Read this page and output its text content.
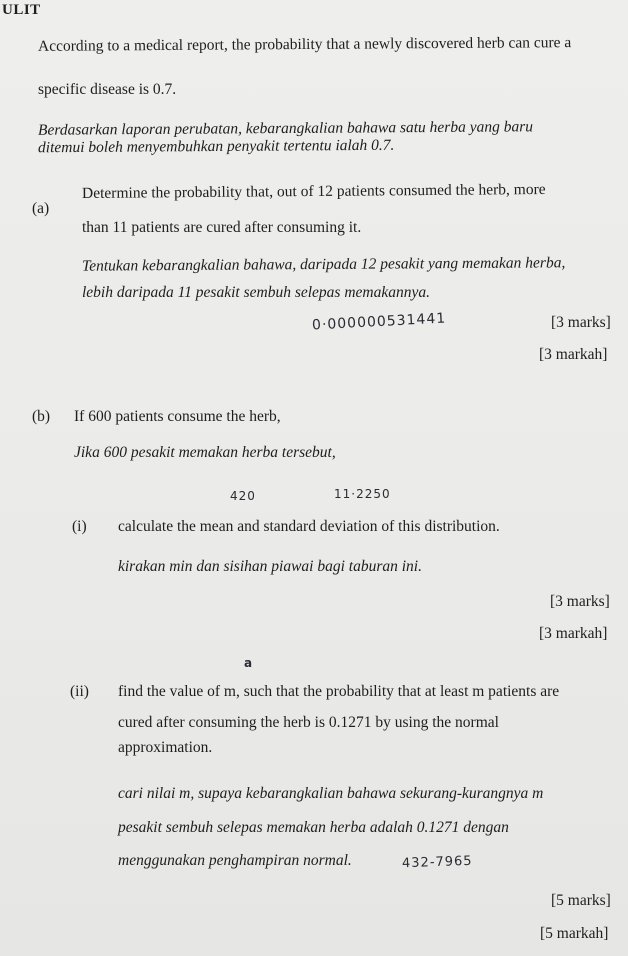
ULIT
According to a medical report, the probability that a newly discovered herb can cure a
specific disease is 0.7.
Berdasarkan laporan perubatan, kebarangkalian bahawa satu herba yang baru
ditemui boleh menyembuhkan penyakit tertentu ialah 0.7.
(a)
Determine the probability that, out of 12 patients consumed the herb, more
than 11 patients are cured after consuming it.
Tentukan kebarangkalian bahawa, daripada 12 pesakit yang memakan herba,
lebih daripada 11 pesakit sembuh selepas memakannya.
0·000000531441	[3 marks]
[3 markah]
(b) If 600 patients consume the herb,
Jika 600 pesakit memakan herba tersebut,
420	11·2250
(i) calculate the mean and standard deviation of this distribution.
kirakan min dan sisihan piawai bagi taburan ini.
[3 marks]
[3 markah]
a
(ii) find the value of m, such that the probability that at least m patients are
cured after consuming the herb is 0.1271 by using the normal
approximation.
cari nilai m, supaya kebarangkalian bahawa sekurang-kurangnya m
pesakit sembuh selepas memakan herba adalah 0.1271 dengan
menggunakan penghampiran normal.	432-7965
[5 marks]
[5 markah]
